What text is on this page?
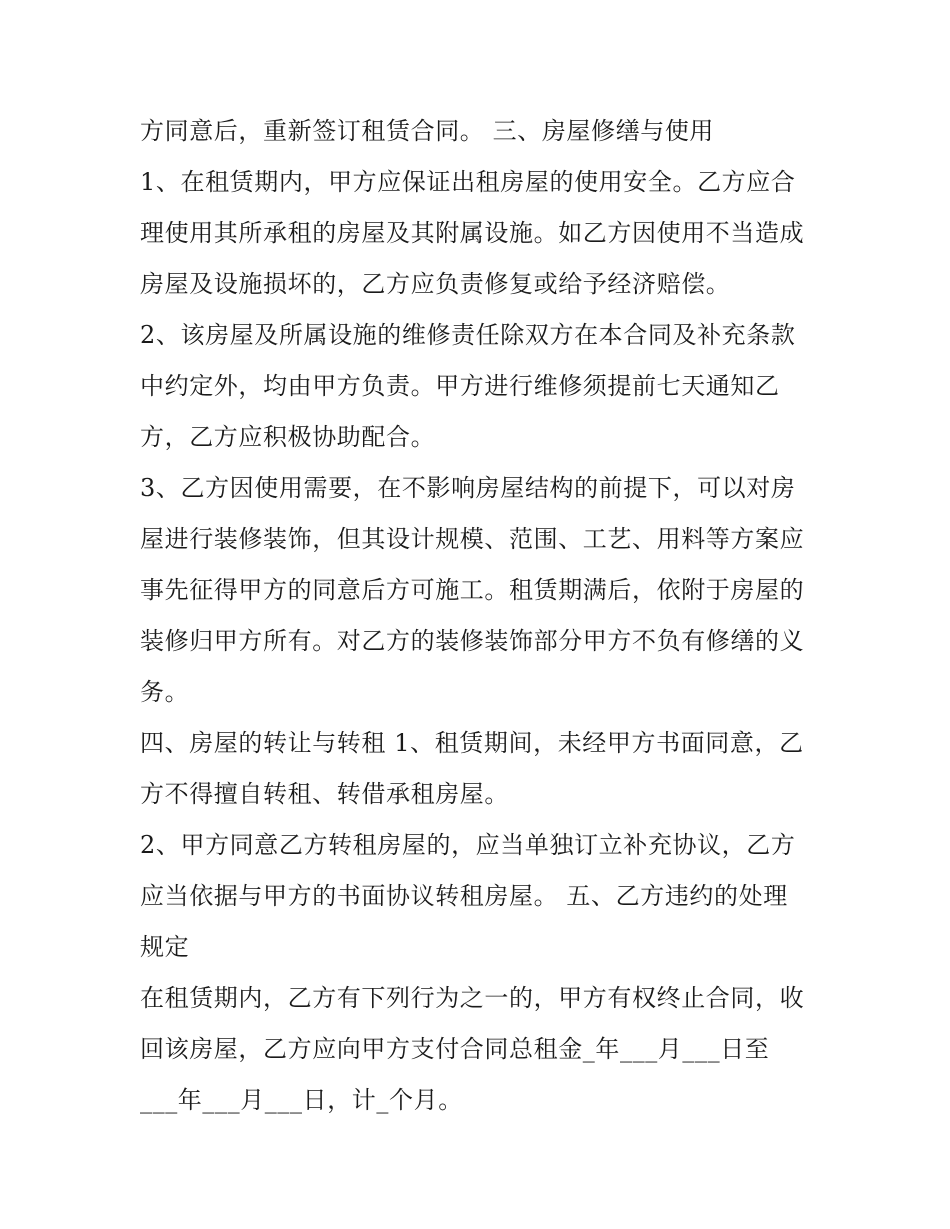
方同意后，重新签订租赁合同。 三、房屋修缮与使用
1、在租赁期内，甲方应保证出租房屋的使用安全。乙方应合
理使用其所承租的房屋及其附属设施。如乙方因使用不当造成
房屋及设施损坏的，乙方应负责修复或给予经济赔偿。
2、该房屋及所属设施的维修责任除双方在本合同及补充条款
中约定外，均由甲方负责。甲方进行维修须提前七天通知乙
方，乙方应积极协助配合。
3、乙方因使用需要，在不影响房屋结构的前提下，可以对房
屋进行装修装饰，但其设计规模、范围、工艺、用料等方案应
事先征得甲方的同意后方可施工。租赁期满后，依附于房屋的
装修归甲方所有。对乙方的装修装饰部分甲方不负有修缮的义
务。
四、房屋的转让与转租 1、租赁期间，未经甲方书面同意，乙
方不得擅自转租、转借承租房屋。
2、甲方同意乙方转租房屋的，应当单独订立补充协议，乙方
应当依据与甲方的书面协议转租房屋。 五、乙方违约的处理
规定
在租赁期内，乙方有下列行为之一的，甲方有权终止合同，收
回该房屋，乙方应向甲方支付合同总租金_年___月___日至
___年___月___日，计_个月。
